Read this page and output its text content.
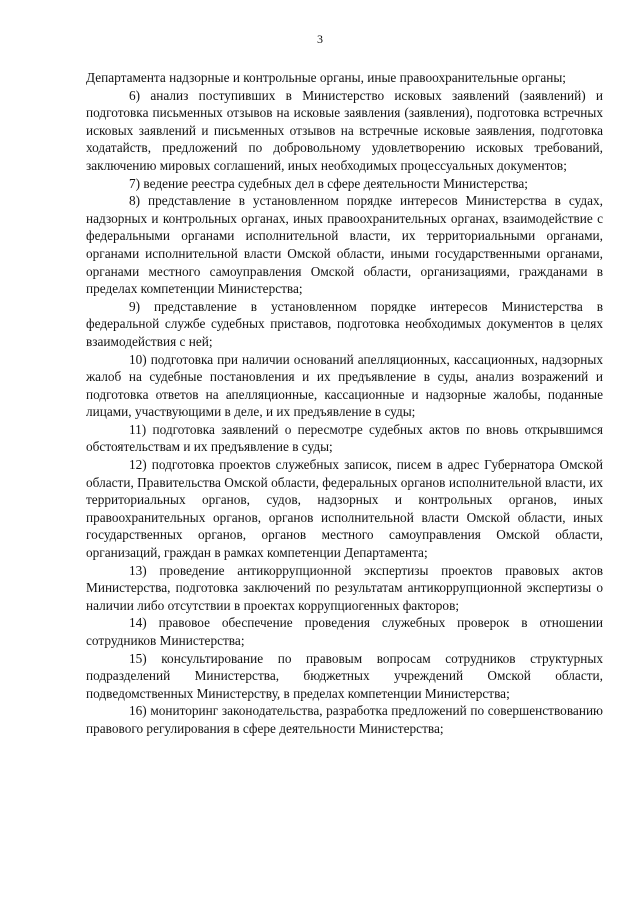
3

Департамента надзорные и контрольные органы, иные правоохранительные органы;

6) анализ поступивших в Министерство исковых заявлений (заявлений) и подготовка письменных отзывов на исковые заявления (заявления), подготовка встречных исковых заявлений и письменных отзывов на встречные исковые заявления, подготовка ходатайств, предложений по добровольному удовлетворению исковых требований, заключению мировых соглашений, иных необходимых процессуальных документов;

7) ведение реестра судебных дел в сфере деятельности Министерства;

8) представление в установленном порядке интересов Министерства в судах, надзорных и контрольных органах, иных правоохранительных органах, взаимодействие с федеральными органами исполнительной власти, их территориальными органами, органами исполнительной власти Омской области, иными государственными органами, органами местного самоуправления Омской области, организациями, гражданами в пределах компетенции Министерства;

9) представление в установленном порядке интересов Министерства в федеральной службе судебных приставов, подготовка необходимых документов в целях взаимодействия с ней;

10) подготовка при наличии оснований апелляционных, кассационных, надзорных жалоб на судебные постановления и их предъявление в суды, анализ возражений и подготовка ответов на апелляционные, кассационные и надзорные жалобы, поданные лицами, участвующими в деле, и их предъявление в суды;

11) подготовка заявлений о пересмотре судебных актов по вновь открывшимся обстоятельствам и их предъявление в суды;

12) подготовка проектов служебных записок, писем в адрес Губернатора Омской области, Правительства Омской области, федеральных органов исполнительной власти, их территориальных органов, судов, надзорных и контрольных органов, иных правоохранительных органов, органов исполнительной власти Омской области, иных государственных органов, органов местного самоуправления Омской области, организаций, граждан в рамках компетенции Департамента;

13) проведение антикоррупционной экспертизы проектов правовых актов Министерства, подготовка заключений по результатам антикоррупционной экспертизы о наличии либо отсутствии в проектах коррупциогенных факторов;

14) правовое обеспечение проведения служебных проверок в отношении сотрудников Министерства;

15) консультирование по правовым вопросам сотрудников структурных подразделений Министерства, бюджетных учреждений Омской области, подведомственных Министерству, в пределах компетенции Министерства;

16) мониторинг законодательства, разработка предложений по совершенствованию правового регулирования в сфере деятельности Министерства;
